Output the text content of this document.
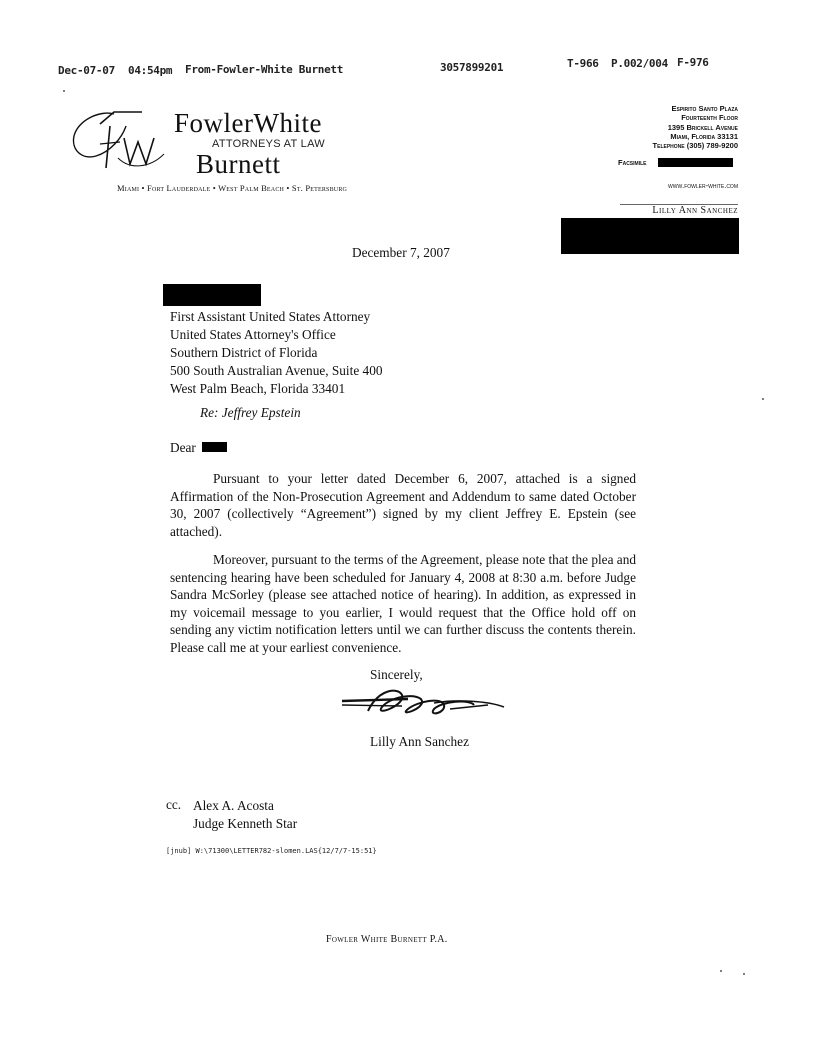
Dec-07-07 04:54pm From-Fowler-White Burnett	3057899201	T-966 P.002/004 F-976
FowlerWhite
ATTORNEYS AT LAW
Burnett
Miami • Fort Lauderdale • West Palm Beach • St. Petersburg
Espirito Santo Plaza
Fourteenth Floor
1395 Brickell Avenue
Miami, Florida 33131
Telephone (305) 789-9200
Facsimile
www.fowler-white.com
Lilly Ann Sanchez
December 7, 2007
First Assistant United States Attorney
United States Attorney's Office
Southern District of Florida
500 South Australian Avenue, Suite 400
West Palm Beach, Florida 33401
Re: Jeffrey Epstein
Dear
Pursuant to your letter dated December 6, 2007, attached is a signed Affirmation of the Non-Prosecution Agreement and Addendum to same dated October 30, 2007 (collectively “Agreement”) signed by my client Jeffrey E. Epstein (see attached).
Moreover, pursuant to the terms of the Agreement, please note that the plea and sentencing hearing have been scheduled for January 4, 2008 at 8:30 a.m. before Judge Sandra McSorley (please see attached notice of hearing). In addition, as expressed in my voicemail message to you earlier, I would request that the Office hold off on sending any victim notification letters until we can further discuss the contents therein. Please call me at your earliest convenience.
Sincerely,
Lilly Ann Sanchez
cc. Alex A. Acosta
Judge Kenneth Star
[jnub] W:\71300\LETTER782-slomen.LAS{12/7/7-15:51}
Fowler White Burnett P.A.
